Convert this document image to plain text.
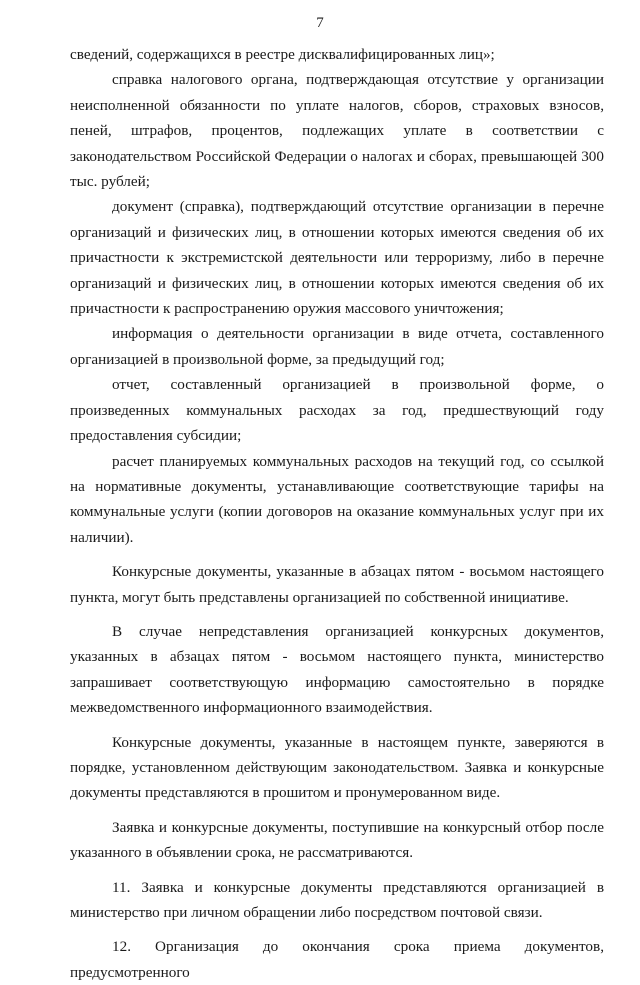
7

сведений, содержащихся в реестре дисквалифицированных лиц»;

справка налогового органа, подтверждающая отсутствие у организации неисполненной обязанности по уплате налогов, сборов, страховых взносов, пеней, штрафов, процентов, подлежащих уплате в соответствии с законодательством Российской Федерации о налогах и сборах, превышающей 300 тыс. рублей;

документ (справка), подтверждающий отсутствие организации в перечне организаций и физических лиц, в отношении которых имеются сведения об их причастности к экстремистской деятельности или терроризму, либо в перечне организаций и физических лиц, в отношении которых имеются сведения об их причастности к распространению оружия массового уничтожения;

информация о деятельности организации в виде отчета, составленного организацией в произвольной форме, за предыдущий год;

отчет, составленный организацией в произвольной форме, о произведенных коммунальных расходах за год, предшествующий году предоставления субсидии;

расчет планируемых коммунальных расходов на текущий год, со ссылкой на нормативные документы, устанавливающие соответствующие тарифы на коммунальные услуги (копии договоров на оказание коммунальных услуг при их наличии).

Конкурсные документы, указанные в абзацах пятом - восьмом настоящего пункта, могут быть представлены организацией по собственной инициативе.

В случае непредставления организацией конкурсных документов, указанных в абзацах пятом - восьмом настоящего пункта, министерство запрашивает соответствующую информацию самостоятельно в порядке межведомственного информационного взаимодействия.

Конкурсные документы, указанные в настоящем пункте, заверяются в порядке, установленном действующим законодательством. Заявка и конкурсные документы представляются в прошитом и пронумерованном виде.

Заявка и конкурсные документы, поступившие на конкурсный отбор после указанного в объявлении срока, не рассматриваются.

11. Заявка и конкурсные документы представляются организацией в министерство при личном обращении либо посредством почтовой связи.

12. Организация до окончания срока приема документов, предусмотренного
